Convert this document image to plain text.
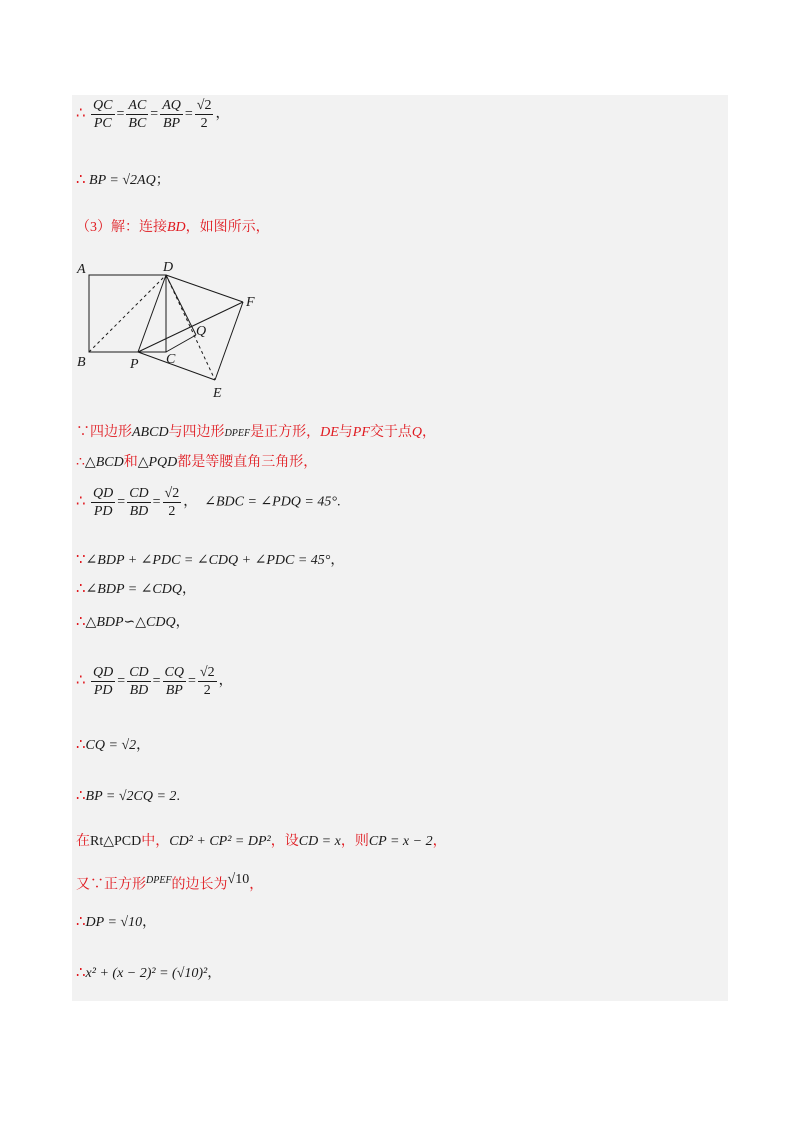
∴ $\frac{QC}{PC} = \frac{AC}{BC} = \frac{AQ}{BP} = \frac{√2}{2}$ ，
∴ BP = √2AQ；
（3）解：连接BD，如图所示，
A	D
B	P C
Q
F
E
∵四边形ABCD与四边形DPEF是正方形，DE与PF交于点Q，
∴△BCD和△PQD都是等腰直角三角形，
∴ $\frac{QD}{PD} = \frac{CD}{BD} = \frac{√2}{2}$ ， ∠BDC = ∠PDQ = 45°.
∵∠BDP + ∠PDC = ∠CDQ + ∠PDC = 45°，
∴∠BDP = ∠CDQ，
∴△BDP∽△CDQ，
∴ $\frac{QD}{PD} = \frac{CD}{BD} = \frac{CQ}{BP} = \frac{√2}{2}$ ，
∴CQ = √2，
∴BP = √2CQ = 2.
在Rt△PCD中，CD² + CP² = DP²，设CD = x，则CP = x − 2，
又∵正方形$^{DPEF}$的边长为√10，
∴DP = √10，
∴x² + (x − 2)² = (√10)²，
